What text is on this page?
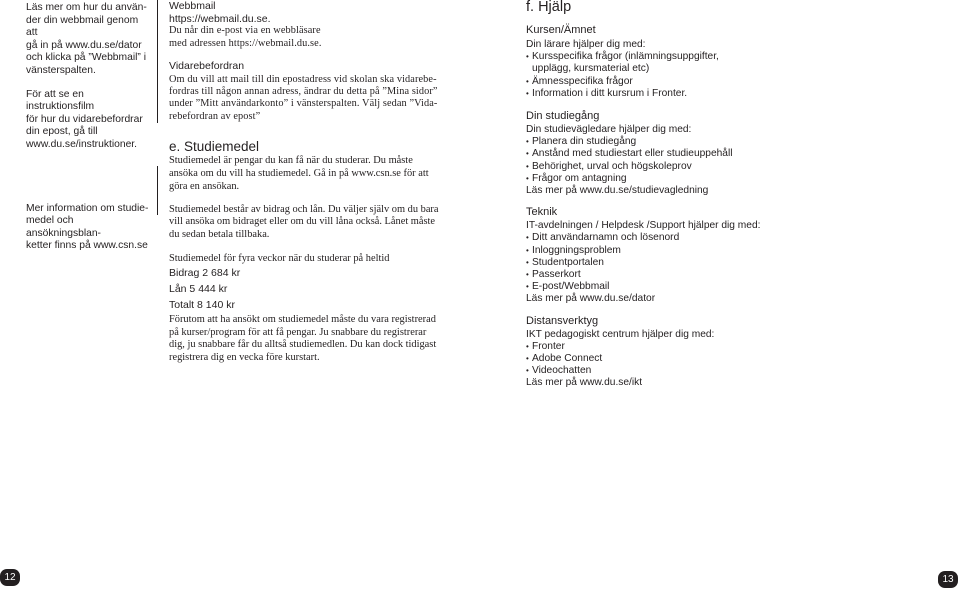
Läs mer om hur du använ-

der din webbmail genom att

gå in på www.du.se/dator

och klicka på ”Webbmail” i

vänsterspalten.

För att se en instruktionsfilm

för hur du vidarebefordrar

din epost, gå till

www.du.se/instruktioner.

Mer information om studie-

medel och ansökningsblan-

ketter finns på www.csn.se

Webbmail

https://webmail.du.se.

Du når din e-post via en webbläsare

med adressen https://webmail.du.se.

Vidarebefordran

Om du vill att mail till din epostadress vid skolan ska vidarebe-

fordras till någon annan adress, ändrar du detta på ”Mina sidor”

under ”Mitt användarkonto” i vänsterspalten. Välj sedan ”Vida-

rebefordran av epost”

e. Studiemedel

Studiemedel är pengar du kan få när du studerar. Du måste

ansöka om du vill ha studiemedel. Gå in på www.csn.se för att

göra en ansökan.

Studiemedel består av bidrag och lån. Du väljer själv om du bara

vill ansöka om bidraget eller om du vill låna också. Lånet måste

du sedan betala tillbaka.

Studiemedel för fyra veckor när du studerar på heltid

Bidrag 2 684 kr

Lån 5 444 kr

Totalt 8 140 kr

Förutom att ha ansökt om studiemedel måste du vara registrerad

på kurser/program för att få pengar. Ju snabbare du registrerar

dig, ju snabbare får du alltså studiemedlen. Du kan dock tidigast

registrera dig en vecka före kurstart.

f. Hjälp

Kursen/Ämnet

Din lärare hjälper dig med:

• Kursspecifika frågor (inlämningsuppgifter,

upplägg, kursmaterial etc)

• Ämnesspecifika frågor

• Information i ditt kursrum i Fronter.

Din studiegång

Din studievägledare hjälper dig med:

• Planera din studiegång

• Anstånd med studiestart eller studieuppehåll

• Behörighet, urval och högskoleprov

• Frågor om antagning

Läs mer på www.du.se/studievagledning

Teknik

IT-avdelningen / Helpdesk /Support hjälper dig med:

• Ditt användarnamn och lösenord

• Inloggningsproblem

• Studentportalen

• Passerkort

• E-post/Webbmail

Läs mer på www.du.se/dator

Distansverktyg

IKT pedagogiskt centrum hjälper dig med:

• Fronter

• Adobe Connect

• Videochatten

Läs mer på www.du.se/ikt

12	13
